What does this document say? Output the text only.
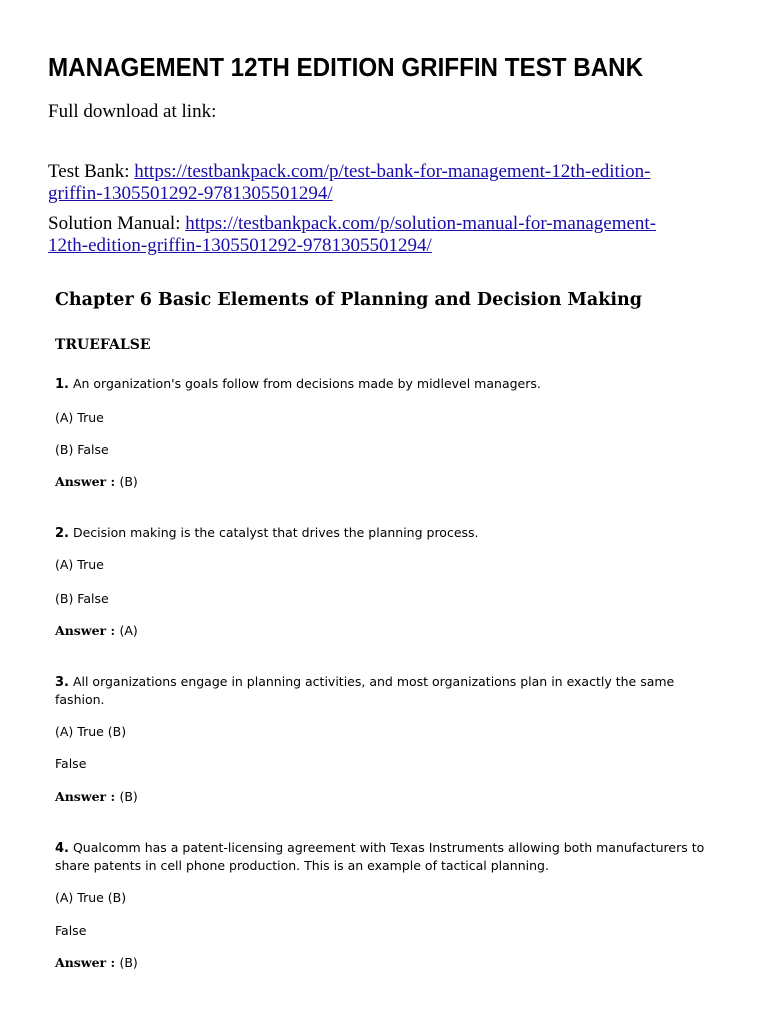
MANAGEMENT 12TH EDITION GRIFFIN TEST BANK

Full download at link:

Test Bank: https://testbankpack.com/p/test-bank-for-management-12th-edition-
griffin-1305501292-9781305501294/

Solution Manual: https://testbankpack.com/p/solution-manual-for-management-
12th-edition-griffin-1305501292-9781305501294/

Chapter 6 Basic Elements of Planning and Decision Making
TRUEFALSE

1. An organization's goals follow from decisions made by midlevel managers.

(A) True

(B) False

Answer : (B)

2. Decision making is the catalyst that drives the planning process.

(A) True

(B) False

Answer : (A)

3. All organizations engage in planning activities, and most organizations plan in exactly the same fashion.

(A) True (B)

False

Answer : (B)

4. Qualcomm has a patent-licensing agreement with Texas Instruments allowing both manufacturers to share patents in cell phone production. This is an example of tactical planning.

(A) True (B)

False

Answer : (B)
